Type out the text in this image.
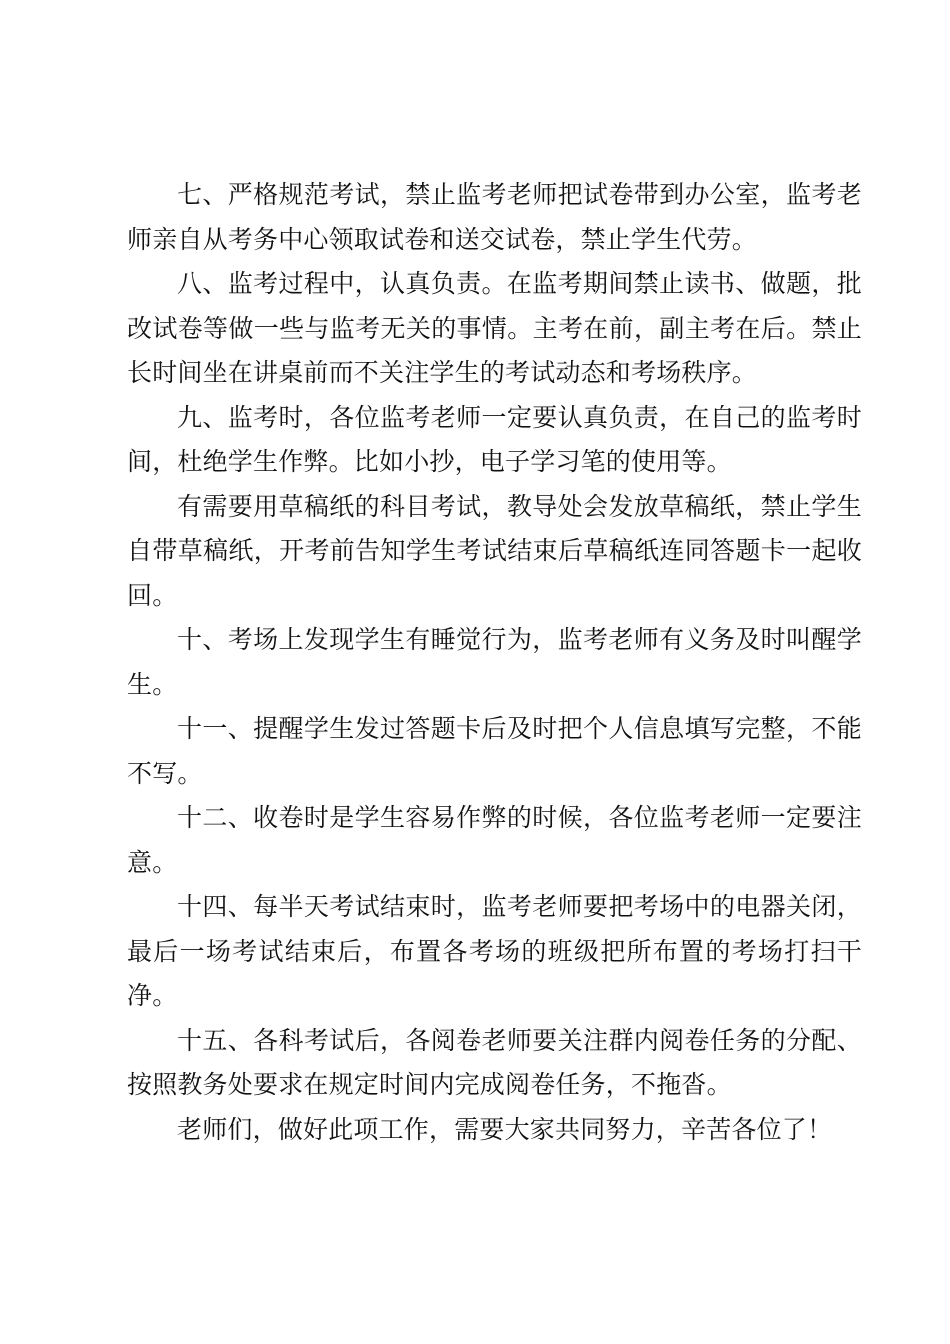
七、严格规范考试，禁止监考老师把试卷带到办公室，监考老师亲自从考务中心领取试卷和送交试卷，禁止学生代劳。

八、监考过程中，认真负责。在监考期间禁止读书、做题，批改试卷等做一些与监考无关的事情。主考在前，副主考在后。禁止长时间坐在讲桌前而不关注学生的考试动态和考场秩序。

九、监考时，各位监考老师一定要认真负责，在自己的监考时间，杜绝学生作弊。比如小抄，电子学习笔的使用等。

有需要用草稿纸的科目考试，教导处会发放草稿纸，禁止学生自带草稿纸，开考前告知学生考试结束后草稿纸连同答题卡一起收回。

十、考场上发现学生有睡觉行为，监考老师有义务及时叫醒学生。

十一、提醒学生发过答题卡后及时把个人信息填写完整，不能不写。

十二、收卷时是学生容易作弊的时候，各位监考老师一定要注意。

十四、每半天考试结束时，监考老师要把考场中的电器关闭，最后一场考试结束后，布置各考场的班级把所布置的考场打扫干净。

十五、各科考试后，各阅卷老师要关注群内阅卷任务的分配、按照教务处要求在规定时间内完成阅卷任务，不拖沓。

老师们，做好此项工作，需要大家共同努力，辛苦各位了！
